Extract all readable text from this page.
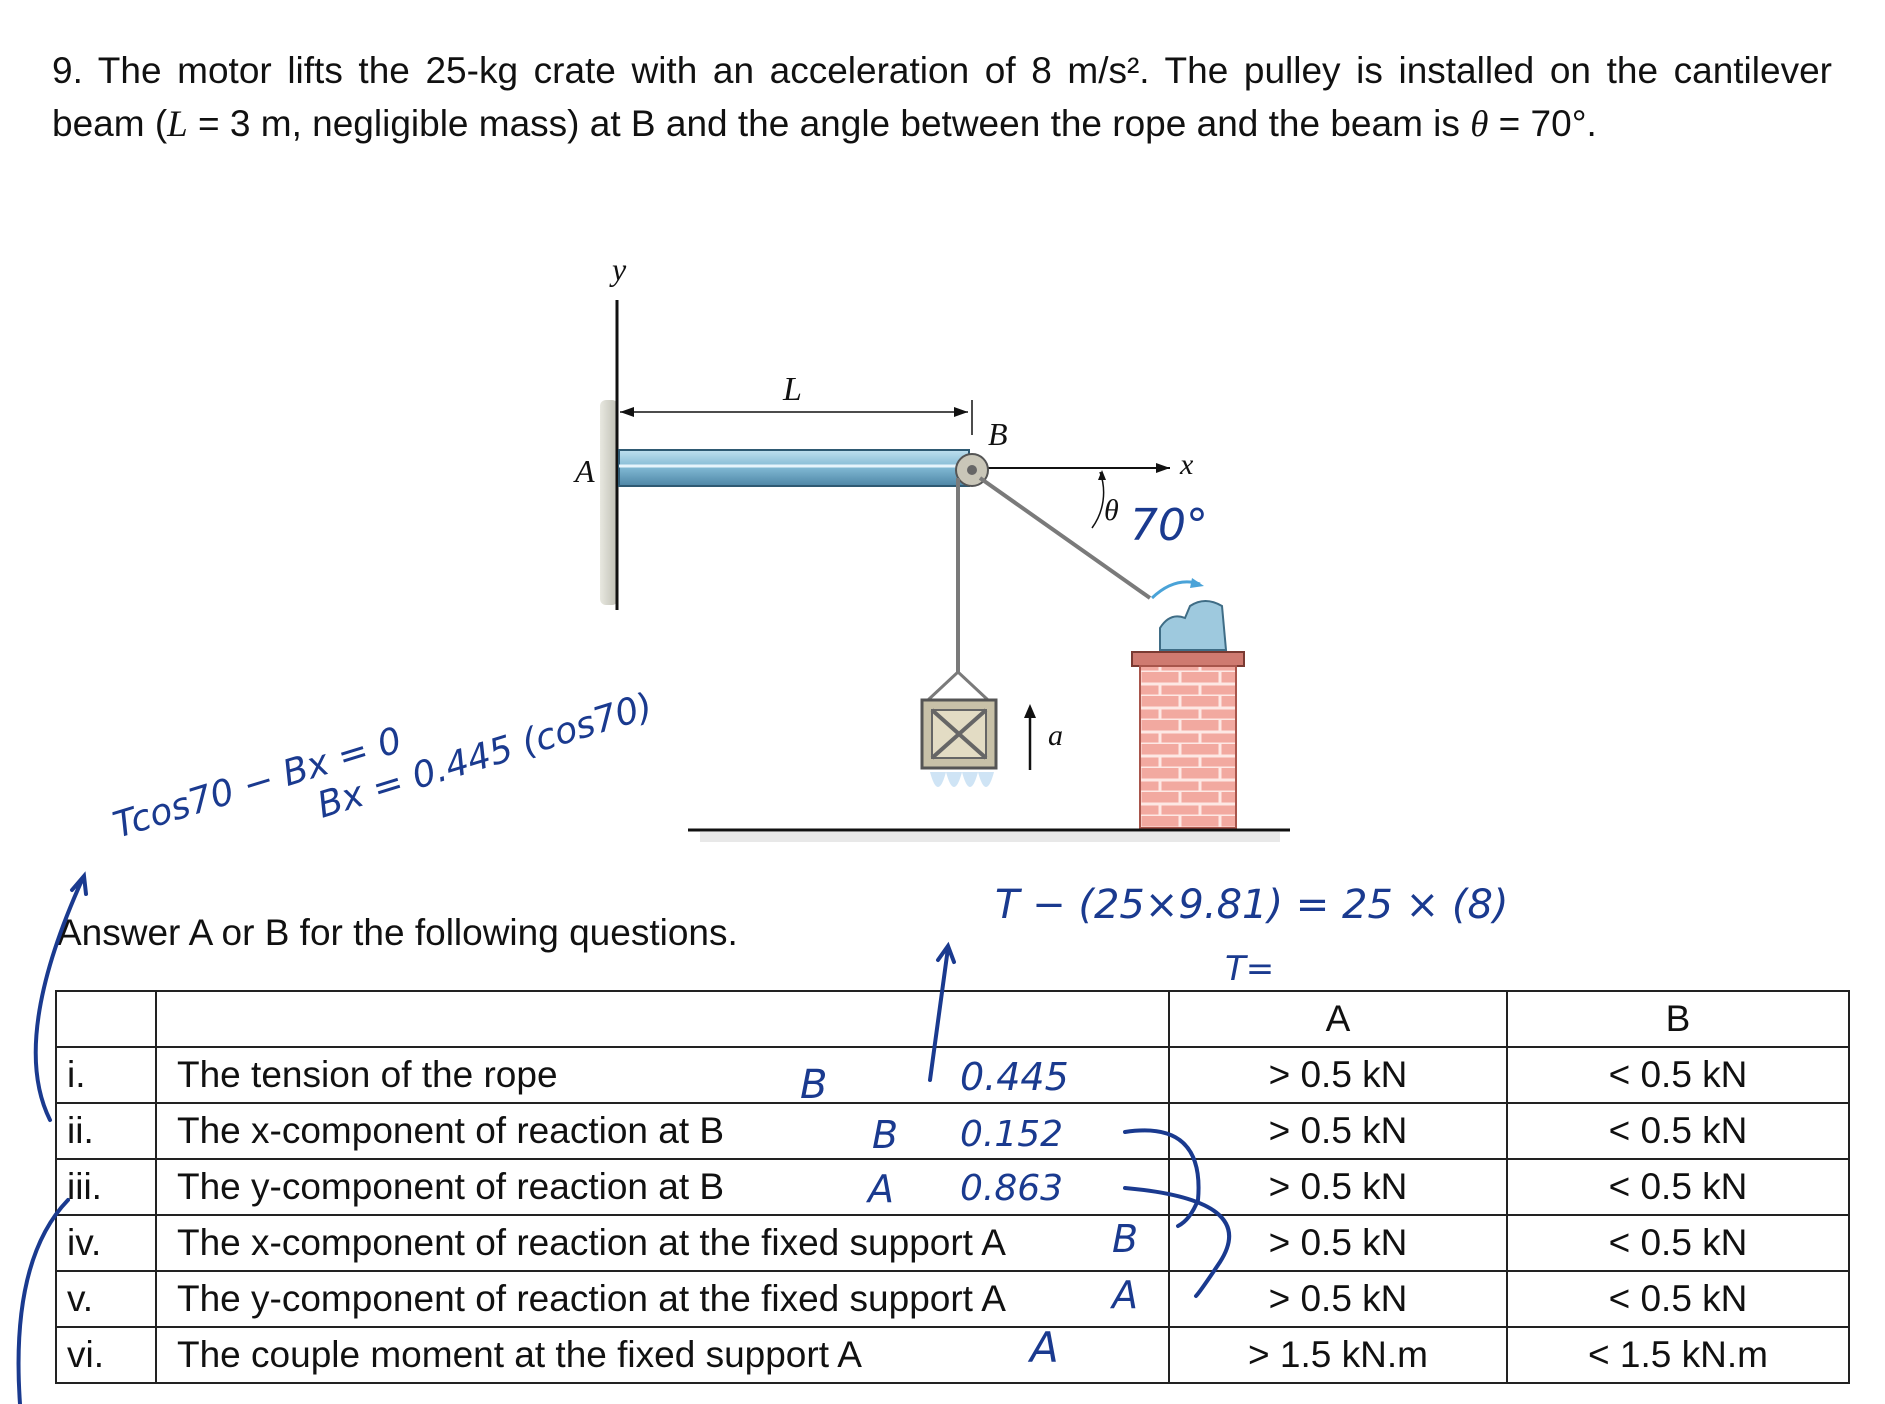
9. The motor lifts the 25-kg crate with an acceleration of 8 m/s². The pulley is installed on the cantilever beam (L = 3 m, negligible mass) at B and the angle between the rope and the beam is θ = 70°.
y
L
A	x
B
θ
a
Answer A or B for the following questions.
		A	B
i.	The tension of the rope	> 0.5 kN	< 0.5 kN
ii.	The x-component of reaction at B	> 0.5 kN	< 0.5 kN
iii.	The y-component of reaction at B	> 0.5 kN	< 0.5 kN
iv.	The x-component of reaction at the fixed support A	> 0.5 kN	< 0.5 kN
v.	The y-component of reaction at the fixed support A	> 0.5 kN	< 0.5 kN
vi.	The couple moment at the fixed support A	> 1.5 kN.m	< 1.5 kN.m
70°
Tcos70 − Bx = 0
Bx = 0.445 (cos70)
T − (25×9.81) = 25 × (8)
T=
B	0.445
B 0.152
A 0.863
B
A
A
